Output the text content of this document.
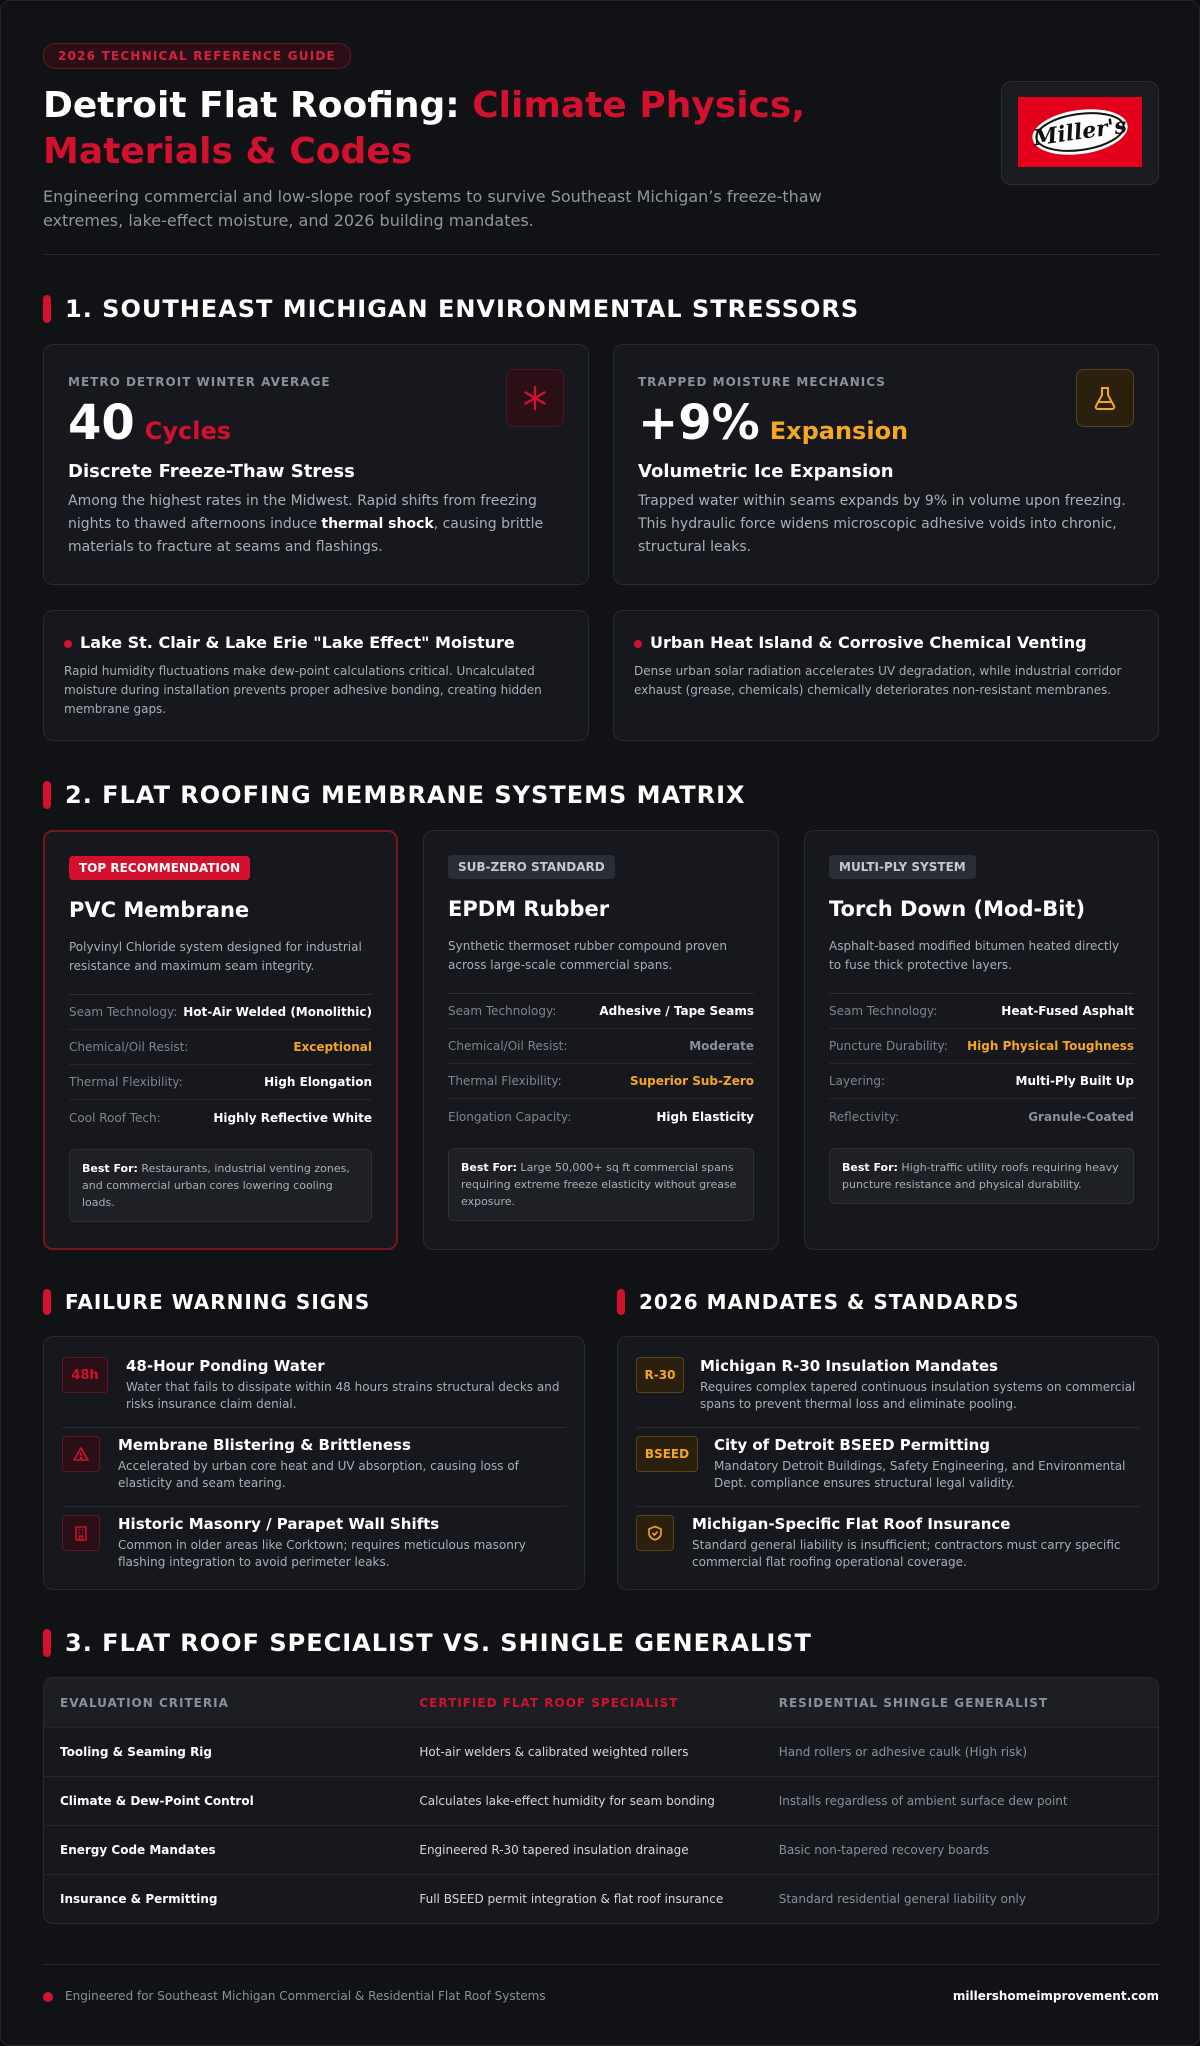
2026 TECHNICAL REFERENCE GUIDE
Detroit Flat Roofing: Climate Physics, Materials & Codes

Engineering commercial and low-slope roof systems to survive Southeast Michigan’s freeze-thaw extremes, lake-effect moisture, and 2026 building mandates.

Miller's
1. SOUTHEAST MICHIGAN ENVIRONMENTAL STRESSORS
METRO DETROIT WINTER AVERAGE
40 Cycles
Discrete Freeze-Thaw Stress

Among the highest rates in the Midwest. Rapid shifts from freezing nights to thawed afternoons induce thermal shock, causing brittle materials to fracture at seams and flashings.

TRAPPED MOISTURE MECHANICS
+9% Expansion
Volumetric Ice Expansion

Trapped water within seams expands by 9% in volume upon freezing. This hydraulic force widens microscopic adhesive voids into chronic, structural leaks.

Lake St. Clair & Lake Erie "Lake Effect" Moisture

Rapid humidity fluctuations make dew-point calculations critical. Uncalculated moisture during installation prevents proper adhesive bonding, creating hidden membrane gaps.

Urban Heat Island & Corrosive Chemical Venting

Dense urban solar radiation accelerates UV degradation, while industrial corridor exhaust (grease, chemicals) chemically deteriorates non-resistant membranes.

2. FLAT ROOFING MEMBRANE SYSTEMS MATRIX
TOP RECOMMENDATION
PVC Membrane

Polyvinyl Chloride system designed for industrial resistance and maximum seam integrity.

Seam Technology: Hot-Air Welded (Monolithic)
Chemical/Oil Resist:	Exceptional
Thermal Flexibility:	High Elongation
Cool Roof Tech:	Highly Reflective White
Best For: Restaurants, industrial venting zones, and commercial urban cores lowering cooling loads.
SUB-ZERO STANDARD
EPDM Rubber

Synthetic thermoset rubber compound proven across large-scale commercial spans.

Seam Technology:	Adhesive / Tape Seams
Chemical/Oil Resist:	Moderate
Thermal Flexibility:	Superior Sub-Zero
Elongation Capacity:	High Elasticity
Best For: Large 50,000+ sq ft commercial spans requiring extreme freeze elasticity without grease exposure.
MULTI-PLY SYSTEM
Torch Down (Mod-Bit)

Asphalt-based modified bitumen heated directly to fuse thick protective layers.

Seam Technology:	Heat-Fused Asphalt
Puncture Durability: High Physical Toughness
Layering:	Multi-Ply Built Up
Reflectivity:	Granule-Coated
Best For: High-traffic utility roofs requiring heavy puncture resistance and physical durability.
FAILURE WARNING SIGNS	2026 MANDATES & STANDARDS
48h	48-Hour Ponding Water
Water that fails to dissipate within 48 hours strains structural decks and risks insurance claim denial.
Membrane Blistering & Brittleness
Accelerated by urban core heat and UV absorption, causing loss of elasticity and seam tearing.
Historic Masonry / Parapet Wall Shifts
Common in older areas like Corktown; requires meticulous masonry flashing integration to avoid perimeter leaks.
R-30	Michigan R-30 Insulation Mandates
Requires complex tapered continuous insulation systems on commercial spans to prevent thermal loss and eliminate pooling.
BSEED	City of Detroit BSEED Permitting
Mandatory Detroit Buildings, Safety Engineering, and Environmental Dept. compliance ensures structural legal validity.
Michigan-Specific Flat Roof Insurance
Standard general liability is insufficient; contractors must carry specific commercial flat roofing operational coverage.
3. FLAT ROOF SPECIALIST VS. SHINGLE GENERALIST
EVALUATION CRITERIA	CERTIFIED FLAT ROOF SPECIALIST	RESIDENTIAL SHINGLE GENERALIST
Tooling & Seaming Rig	Hot-air welders & calibrated weighted rollers	Hand rollers or adhesive caulk (High risk)
Climate & Dew-Point Control	Calculates lake-effect humidity for seam bonding	Installs regardless of ambient surface dew point
Energy Code Mandates	Engineered R-30 tapered insulation drainage	Basic non-tapered recovery boards
Insurance & Permitting	Full BSEED permit integration & flat roof insurance	Standard residential general liability only
Engineered for Southeast Michigan Commercial & Residential Flat Roof Systems	millershomeimprovement.com
